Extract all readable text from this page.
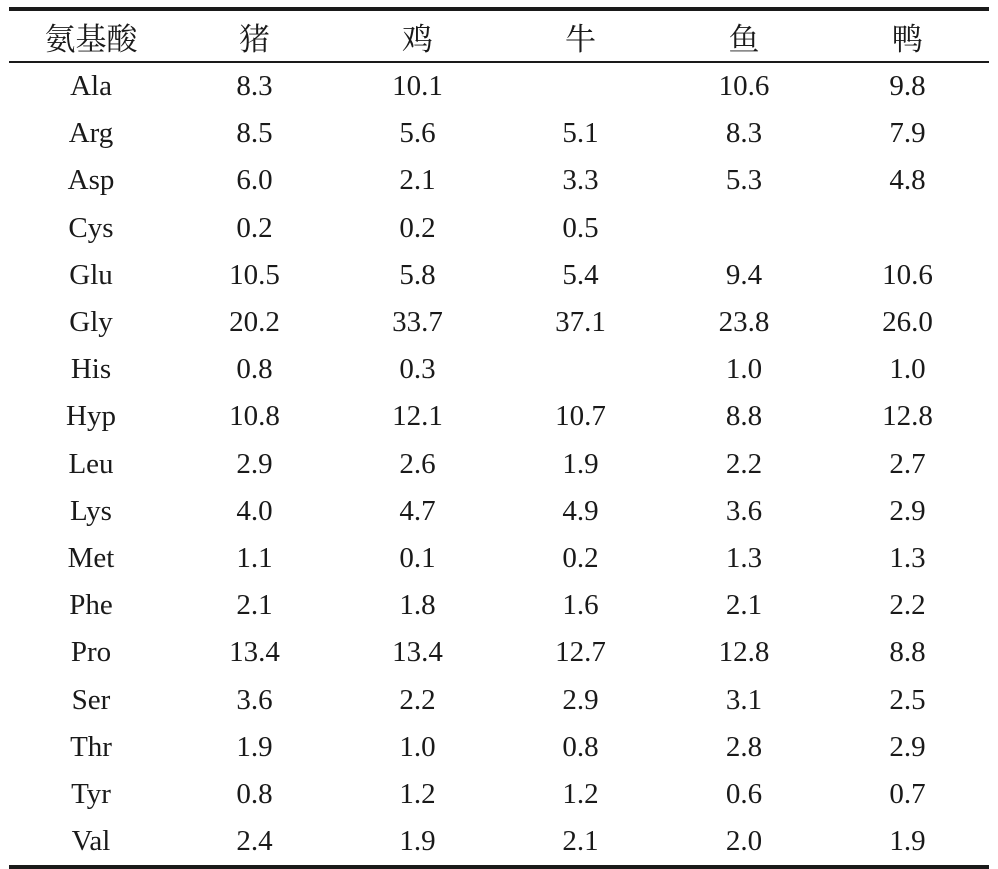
氨基酸	猪	鸡	牛	鱼	鸭
Ala	8.3	10.1		10.6	9.8
Arg	8.5	5.6	5.1	8.3	7.9
Asp	6.0	2.1	3.3	5.3	4.8
Cys	0.2	0.2	0.5		
Glu	10.5	5.8	5.4	9.4	10.6
Gly	20.2	33.7	37.1	23.8	26.0
His	0.8	0.3		1.0	1.0
Hyp	10.8	12.1	10.7	8.8	12.8
Leu	2.9	2.6	1.9	2.2	2.7
Lys	4.0	4.7	4.9	3.6	2.9
Met	1.1	0.1	0.2	1.3	1.3
Phe	2.1	1.8	1.6	2.1	2.2
Pro	13.4	13.4	12.7	12.8	8.8
Ser	3.6	2.2	2.9	3.1	2.5
Thr	1.9	1.0	0.8	2.8	2.9
Tyr	0.8	1.2	1.2	0.6	0.7
Val	2.4	1.9	2.1	2.0	1.9
